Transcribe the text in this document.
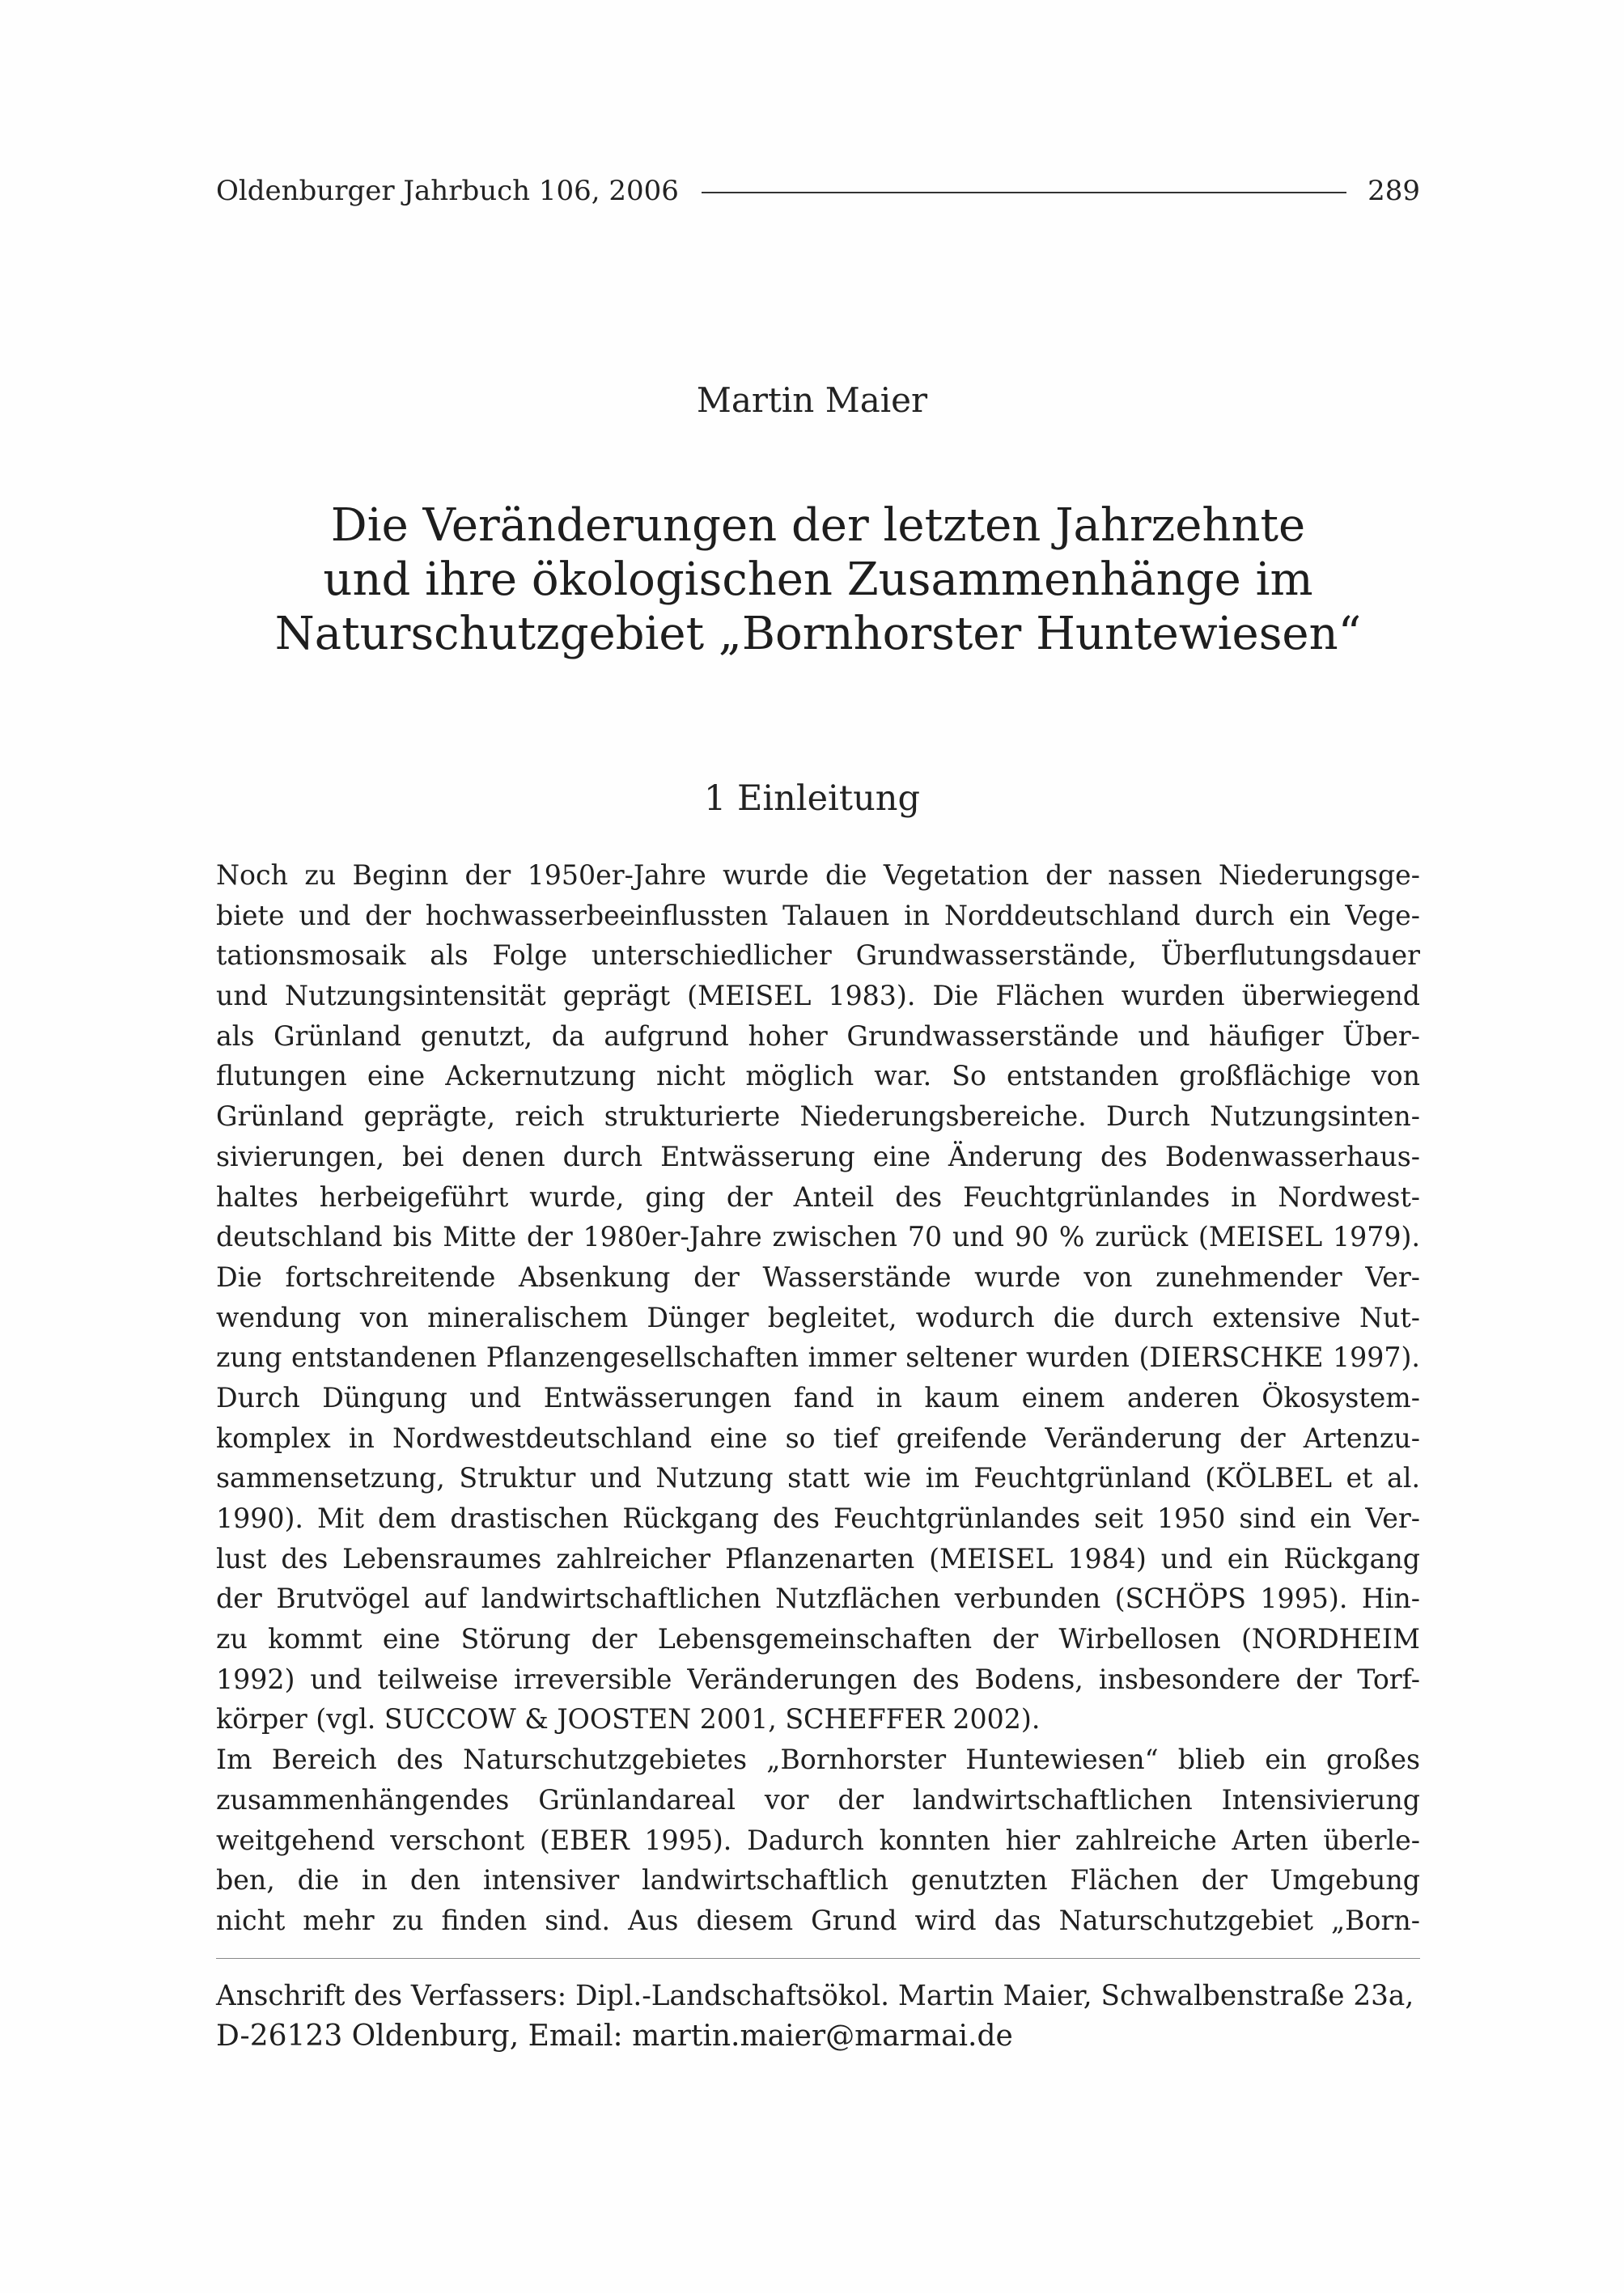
Oldenburger Jahrbuch 106, 2006	289
Martin Maier
Die Veränderungen der letzten Jahrzehnte
und ihre ökologischen Zusammenhänge im
Naturschutzgebiet „Bornhorster Huntewiesen“
1 Einleitung
Noch zu Beginn der 1950er-Jahre wurde die Vegetation der nassen Niederungsge-
biete und der hochwasserbeeinflussten Talauen in Norddeutschland durch ein Vege-
tationsmosaik als Folge unterschiedlicher Grundwasserstände, Überflutungsdauer
und Nutzungsintensität geprägt (MEISEL 1983). Die Flächen wurden überwiegend
als Grünland genutzt, da aufgrund hoher Grundwasserstände und häufiger Über-
flutungen eine Ackernutzung nicht möglich war. So entstanden großflächige von
Grünland geprägte, reich strukturierte Niederungsbereiche. Durch Nutzungsinten-
sivierungen, bei denen durch Entwässerung eine Änderung des Bodenwasserhaus-
haltes herbeigeführt wurde, ging der Anteil des Feuchtgrünlandes in Nordwest-
deutschland bis Mitte der 1980er-Jahre zwischen 70 und 90 % zurück (MEISEL 1979).
Die fortschreitende Absenkung der Wasserstände wurde von zunehmender Ver-
wendung von mineralischem Dünger begleitet, wodurch die durch extensive Nut-
zung entstandenen Pflanzengesellschaften immer seltener wurden (DIERSCHKE 1997).
Durch Düngung und Entwässerungen fand in kaum einem anderen Ökosystem-
komplex in Nordwestdeutschland eine so tief greifende Veränderung der Artenzu-
sammensetzung, Struktur und Nutzung statt wie im Feuchtgrünland (KÖLBEL et al.
1990). Mit dem drastischen Rückgang des Feuchtgrünlandes seit 1950 sind ein Ver-
lust des Lebensraumes zahlreicher Pflanzenarten (MEISEL 1984) und ein Rückgang
der Brutvögel auf landwirtschaftlichen Nutzflächen verbunden (SCHÖPS 1995). Hin-
zu kommt eine Störung der Lebensgemeinschaften der Wirbellosen (NORDHEIM
1992) und teilweise irreversible Veränderungen des Bodens, insbesondere der Torf-
körper (vgl. SUCCOW & JOOSTEN 2001, SCHEFFER 2002).
Im Bereich des Naturschutzgebietes „Bornhorster Huntewiesen“ blieb ein großes
zusammenhängendes Grünlandareal vor der landwirtschaftlichen Intensivierung
weitgehend verschont (EBER 1995). Dadurch konnten hier zahlreiche Arten überle-
ben, die in den intensiver landwirtschaftlich genutzten Flächen der Umgebung
nicht mehr zu finden sind. Aus diesem Grund wird das Naturschutzgebiet „Born-
Anschrift des Verfassers: Dipl.-Landschaftsökol. Martin Maier, Schwalbenstraße 23a,
D-26123 Oldenburg, Email: martin.maier@marmai.de
